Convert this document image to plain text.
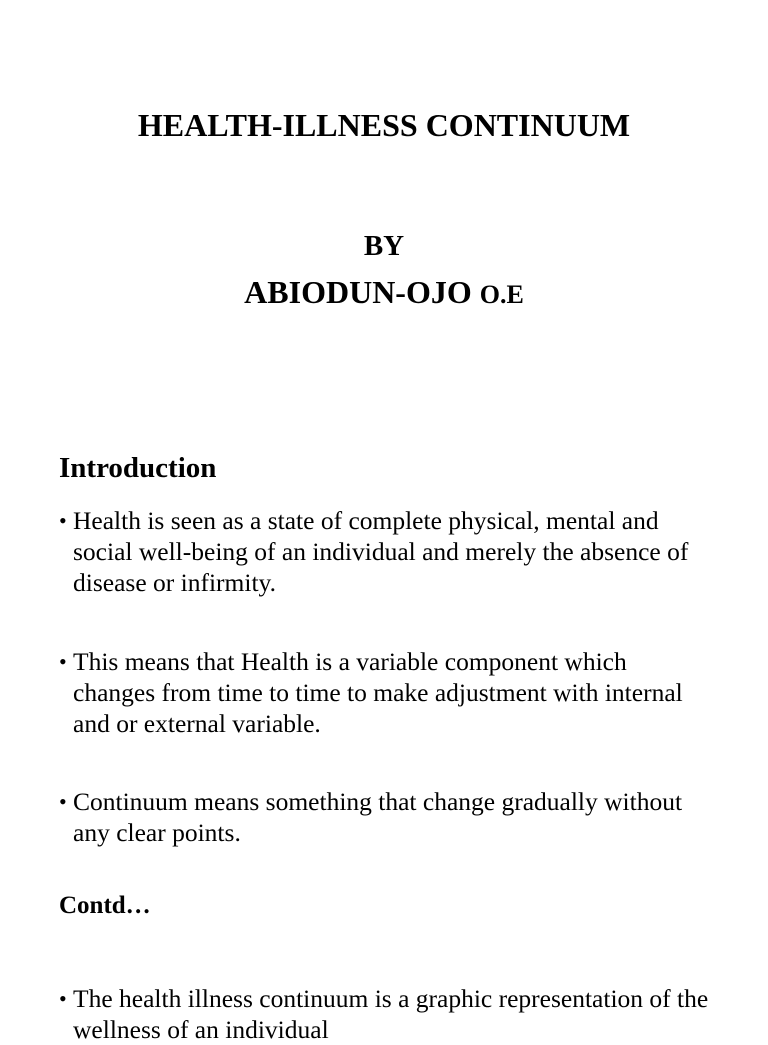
HEALTH-ILLNESS CONTINUUM

BY

ABIODUN-OJO O.E

Introduction
• Health is seen as a state of complete physical, mental and social well-being of an individual and merely the absence of disease or infirmity.
• This means that Health is a variable component which changes from time to time to make adjustment with internal and or external variable.
• Continuum means something that change gradually without any clear points.

Contd…

• The health illness continuum is a graphic representation of the wellness of an individual
